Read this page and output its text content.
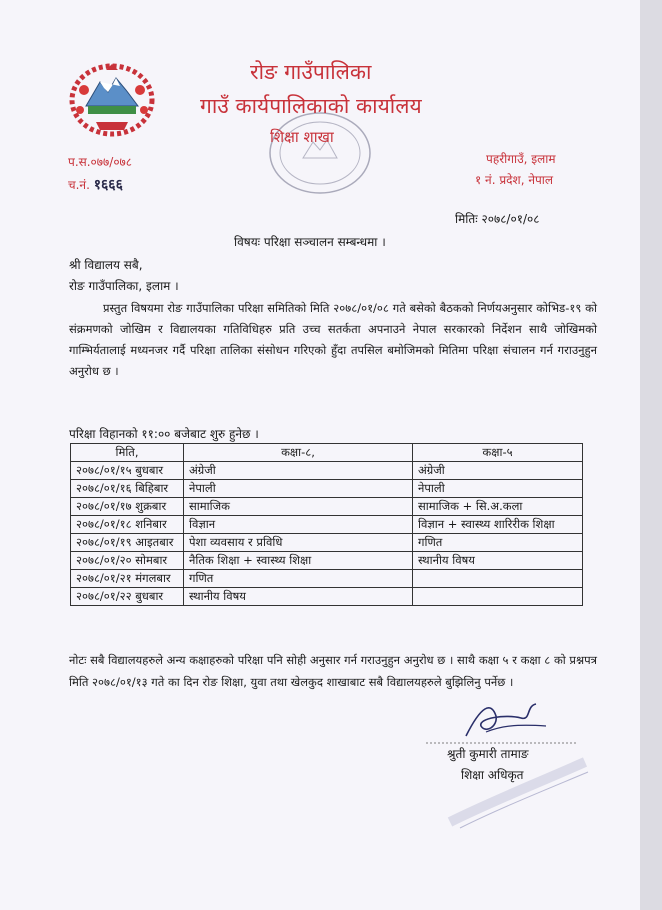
रोङ गाउँपालिका
गाउँ कार्यपालिकाको कार्यालय
शिक्षा शाखा
प.स.०७७/०७८
च.नं. १६६६
पहरीगाउँ, इलाम
१ नं. प्रदेश, नेपाल
मितिः २०७८/०१/०८
विषयः परिक्षा सञ्चालन सम्बन्धमा ।
श्री विद्यालय सबै,
रोङ गाउँपालिका, इलाम ।
प्रस्तुत विषयमा रोङ गाउँपालिका परिक्षा समितिको मिति २०७८/०१/०८ गते बसेको बैठकको निर्णयअनुसार कोभिड-१९ को संक्रमणको जोखिम र विद्यालयका गतिविधिहरु प्रति उच्च सतर्कता अपनाउने नेपाल सरकारको निर्देशन साथै जोखिमको गाम्भिर्यतालाई मध्यनजर गर्दै परिक्षा तालिका संसोधन गरिएको हुँदा तपसिल बमोजिमको मितिमा परिक्षा संचालन गर्न गराउनुहुन अनुरोध छ ।
परिक्षा विहानको ११:०० बजेबाट शुरु हुनेछ ।
मिति,	कक्षा-८,	कक्षा-५
२०७८/०१/१५ बुधबार	अंग्रेजी	अंग्रेजी
२०७८/०१/१६ बिहिबार	नेपाली	नेपाली
२०७८/०१/१७ शुक्रबार	सामाजिक	सामाजिक + सि.अ.कला
२०७८/०१/१८ शनिबार	विज्ञान	विज्ञान + स्वास्थ्य शारिरीक शिक्षा
२०७८/०१/१९ आइतबार	पेशा व्यवसाय र प्रविधि	गणित
२०७८/०१/२० सोमबार	नैतिक शिक्षा + स्वास्थ्य शिक्षा	स्थानीय विषय
२०७८/०१/२१ मंगलबार	गणित	
२०७८/०१/२२ बुधबार	स्थानीय विषय	
नोटः सबै विद्यालयहरुले अन्य कक्षाहरुको परिक्षा पनि सोही अनुसार गर्न गराउनुहुन अनुरोध छ । साथै कक्षा ५ र कक्षा ८ को प्रश्नपत्र मिति २०७८/०१/१३ गते का दिन रोङ शिक्षा, युवा तथा खेलकुद शाखाबाट सबै विद्यालयहरुले बुझिलिनु पर्नेछ ।
श्रुती कुमारी तामाङ
शिक्षा अधिकृत
